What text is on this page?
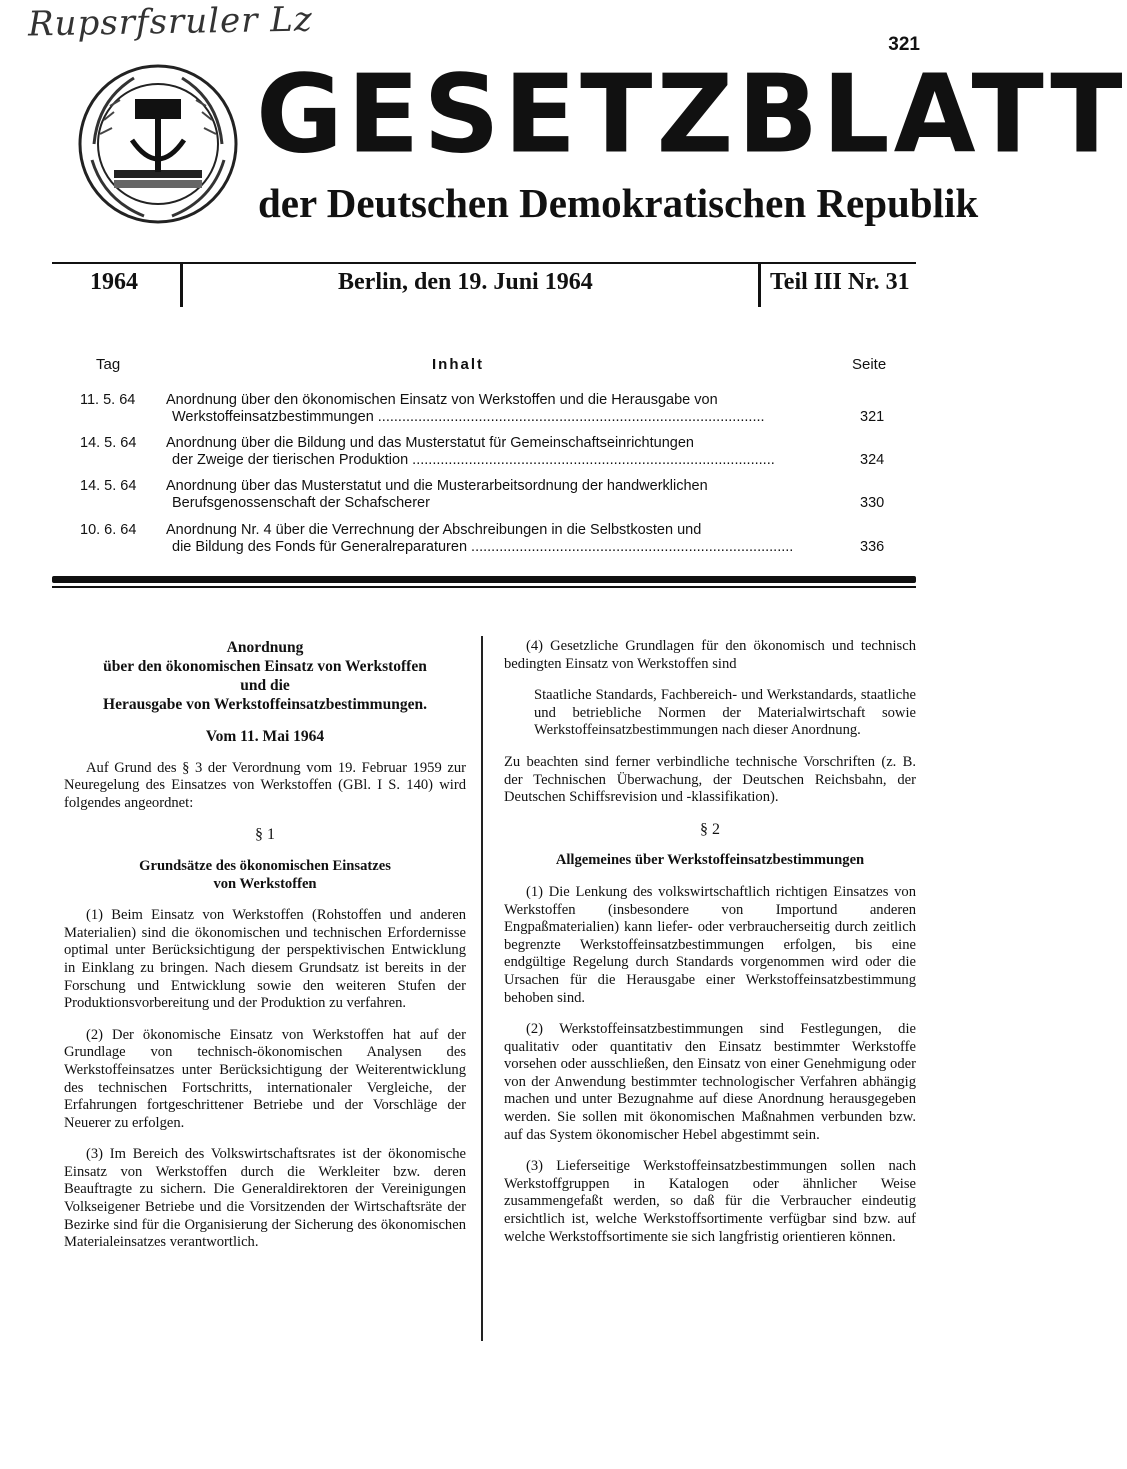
Rupsrfsruler Lz
321
GESETZBLATT
der Deutschen Demokratischen Republik
1964	Berlin, den 19. Juni 1964	Teil III Nr. 31
Tag	Inhalt	Seite
11. 5. 64 Anordnung über den ökonomischen Einsatz von Werkstoffen und die Herausgabe von
Werkstoffeinsatzbestimmungen ................................................................................................	321
14. 5. 64 Anordnung über die Bildung und das Musterstatut für Gemeinschaftseinrichtungen
der Zweige der tierischen Produktion ..........................................................................................	324
14. 5. 64 Anordnung über das Musterstatut und die Musterarbeitsordnung der handwerklichen
Berufsgenossenschaft der Schafscherer	330
10. 6. 64 Anordnung Nr. 4 über die Verrechnung der Abschreibungen in die Selbstkosten und
die Bildung des Fonds für Generalreparaturen ................................................................................	336
Anordnung
über den ökonomischen Einsatz von Werkstoffen
und die
Herausgabe von Werkstoffeinsatzbestimmungen.

Vom 11. Mai 1964

Auf Grund des § 3 der Verordnung vom 19. Februar 1959 zur Neuregelung des Einsatzes von Werkstoffen (GBl. I S. 140) wird folgendes angeordnet:

§ 1

Grundsätze des ökonomischen Einsatzes
von Werkstoffen

(1) Beim Einsatz von Werkstoffen (Rohstoffen und anderen Materialien) sind die ökonomischen und technischen Erfordernisse optimal unter Berücksichtigung der perspektivischen Entwicklung in Einklang zu bringen. Nach diesem Grundsatz ist bereits in der Forschung und Entwicklung sowie den weiteren Stufen der Produktionsvorbereitung und der Produktion zu verfahren.

(2) Der ökonomische Einsatz von Werkstoffen hat auf der Grundlage von technisch-ökonomischen Analysen des Werkstoffeinsatzes unter Berücksichtigung der Weiterentwicklung des technischen Fortschritts, internationaler Vergleiche, der Erfahrungen fortgeschrittener Betriebe und der Vorschläge der Neuerer zu erfolgen.

(3) Im Bereich des Volkswirtschaftsrates ist der ökonomische Einsatz von Werkstoffen durch die Werkleiter bzw. deren Beauftragte zu sichern. Die Generaldirektoren der Vereinigungen Volkseigener Betriebe und die Vorsitzenden der Wirtschaftsräte der Bezirke sind für die Organisierung der Sicherung des ökonomischen Materialeinsatzes verantwortlich.

(4) Gesetzliche Grundlagen für den ökonomisch und technisch bedingten Einsatz von Werkstoffen sind

Staatliche Standards, Fachbereich- und Werkstandards, staatliche und betriebliche Normen der Materialwirtschaft sowie Werkstoffeinsatzbestimmungen nach dieser Anordnung.

Zu beachten sind ferner verbindliche technische Vorschriften (z. B. der Technischen Überwachung, der Deutschen Reichsbahn, der Deutschen Schiffsrevision und -klassifikation).

§ 2

Allgemeines über Werkstoffeinsatzbestimmungen

(1) Die Lenkung des volkswirtschaftlich richtigen Einsatzes von Werkstoffen (insbesondere von Importund anderen Engpaßmaterialien) kann liefer- oder verbraucherseitig durch zeitlich begrenzte Werkstoffeinsatzbestimmungen erfolgen, bis eine endgültige Regelung durch Standards vorgenommen wird oder die Ursachen für die Herausgabe einer Werkstoffeinsatzbestimmung behoben sind.

(2) Werkstoffeinsatzbestimmungen sind Festlegungen, die qualitativ oder quantitativ den Einsatz bestimmter Werkstoffe vorsehen oder ausschließen, den Einsatz von einer Genehmigung oder von der Anwendung bestimmter technologischer Verfahren abhängig machen und unter Bezugnahme auf diese Anordnung herausgegeben werden. Sie sollen mit ökonomischen Maßnahmen verbunden bzw. auf das System ökonomischer Hebel abgestimmt sein.

(3) Lieferseitige Werkstoffeinsatzbestimmungen sollen nach Werkstoffgruppen in Katalogen oder ähnlicher Weise zusammengefaßt werden, so daß für die Verbraucher eindeutig ersichtlich ist, welche Werkstoffsortimente verfügbar sind bzw. auf welche Werkstoffsortimente sie sich langfristig orientieren können.
